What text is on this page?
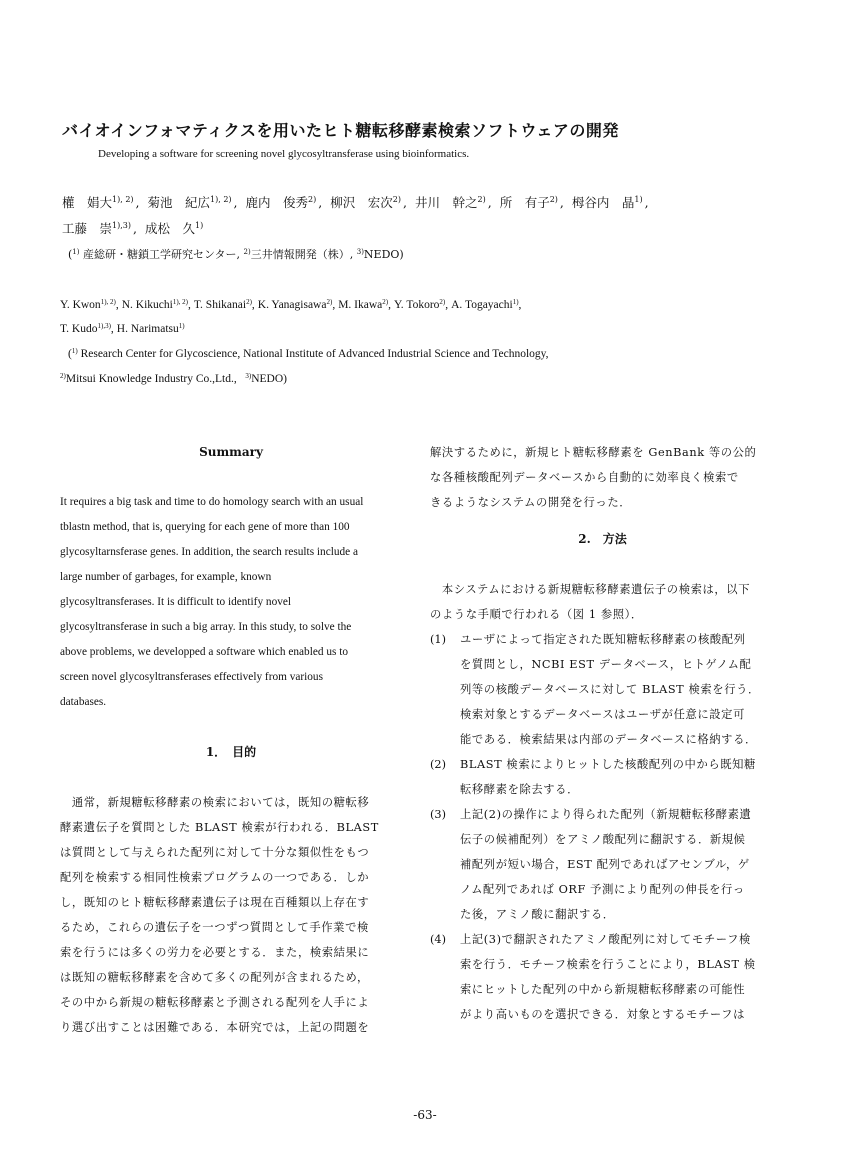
バイオインフォマティクスを用いたヒト糖転移酵素検索ソフトウェアの開発
Developing a software for screening novel glycosyltransferase using bioinformatics.
權　娟大$^{1), 2)}$ , 菊池　紀広$^{1), 2)}$ , 鹿内　俊秀$^{2)}$ , 柳沢　宏次$^{2)}$ , 井川　幹之$^{2)}$ , 所　有子$^{2)}$ , 栂谷内　晶$^{1)}$ ,
工藤　崇$^{1),3)}$ , 成松　久$^{1)}$
($^{1)}$ 産総研・糖鎖工学研究センター, $^{2)}$三井情報開発（株）, $^{3)}$NEDO)
Y. Kwon$^{1), 2)}$, N. Kikuchi$^{1), 2)}$, T. Shikanai$^{2)}$, K. Yanagisawa$^{2)}$, M. Ikawa$^{2)}$, Y. Tokoro$^{2)}$, A. Togayachi$^{1)}$,
T. Kudo$^{1),3)}$, H. Narimatsu$^{1)}$
($^{1)}$ Research Center for Glycoscience, National Institute of Advanced Industrial Science and Technology,
$^{2)}$Mitsui Knowledge Industry Co.,Ltd., $^{3)}$NEDO)
Summary
It requires a big task and time to do homology search with an usual
tblastn method, that is, querying for each gene of more than 100
glycosyltarnsferase genes. In addition, the search results include a
large number of garbages, for example, known
glycosyltransferases. It is difficult to identify novel
glycosyltransferase in such a big array. In this study, to solve the
above problems, we developped a software which enabled us to
screen novel glycosyltransferases effectively from various
databases.
1．　目的
　通常，新規糖転移酵素の検索においては，既知の糖転移
酵素遺伝子を質問とした BLAST 検索が行われる．BLAST
は質問として与えられた配列に対して十分な類似性をもつ
配列を検索する相同性検索プログラムの一つである．しか
し，既知のヒト糖転移酵素遺伝子は現在百種類以上存在す
るため，これらの遺伝子を一つずつ質問として手作業で検
索を行うには多くの労力を必要とする．また，検索結果に
は既知の糖転移酵素を含めて多くの配列が含まれるため，
その中から新規の糖転移酵素と予測される配列を人手によ
り選び出すことは困難である．本研究では，上記の問題を
解決するために，新規ヒト糖転移酵素を GenBank 等の公的
な各種核酸配列データベースから自動的に効率良く検索で
きるようなシステムの開発を行った．
2.　方法
　本システムにおける新規糖転移酵素遺伝子の検索は，以下
のような手順で行われる（図 1 参照）．
(1)	ユーザによって指定された既知糖転移酵素の核酸配列
を質問とし，NCBI EST データベース，ヒトゲノム配
列等の核酸データベースに対して BLAST 検索を行う．
検索対象とするデータベースはユーザが任意に設定可
能である．検索結果は内部のデータベースに格納する．
(2)	BLAST 検索によりヒットした核酸配列の中から既知糖
転移酵素を除去する．
(3)	上記(2)の操作により得られた配列（新規糖転移酵素遺
伝子の候補配列）をアミノ酸配列に翻訳する．新規候
補配列が短い場合，EST 配列であればアセンブル，ゲ
ノム配列であれば ORF 予測により配列の伸長を行っ
た後，アミノ酸に翻訳する．
(4)	上記(3)で翻訳されたアミノ酸配列に対してモチーフ検
索を行う．モチーフ検索を行うことにより，BLAST 検
索にヒットした配列の中から新規糖転移酵素の可能性
がより高いものを選択できる．対象とするモチーフは
-63-
